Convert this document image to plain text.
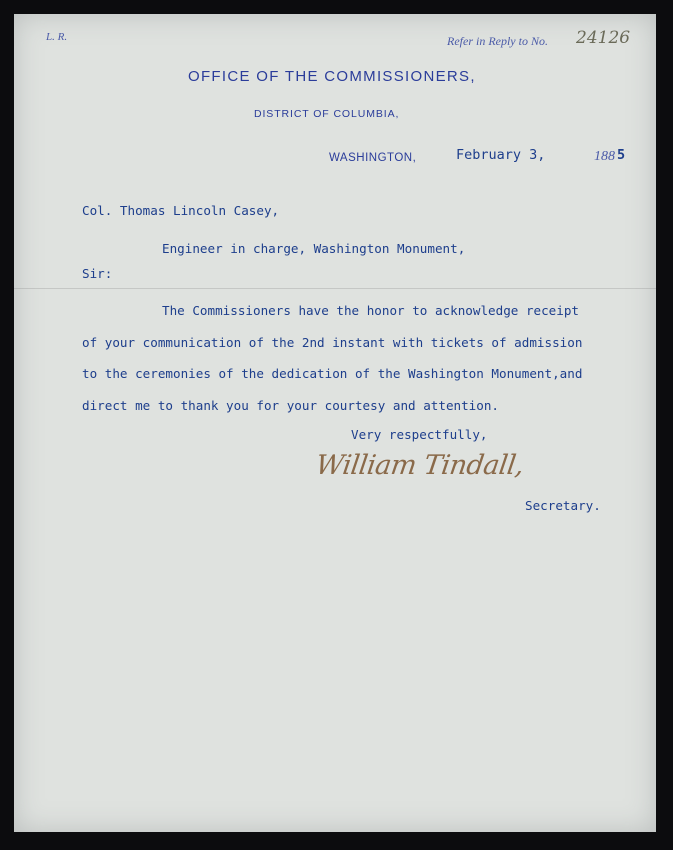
L. R.	Refer in Reply to No. 24126
OFFICE OF THE COMMISSIONERS,
DISTRICT OF COLUMBIA,
WASHINGTON,	February 3,	188 5
Col. Thomas Lincoln Casey,
Engineer in charge, Washington Monument,
Sir:
The Commissioners have the honor to acknowledge receipt
of your communication of the 2nd instant with tickets of admission
to the ceremonies of the dedication of the Washington Monument,and
direct me to thank you for your courtesy and attention.
Very respectfully,
William Tindall,
Secretary.
